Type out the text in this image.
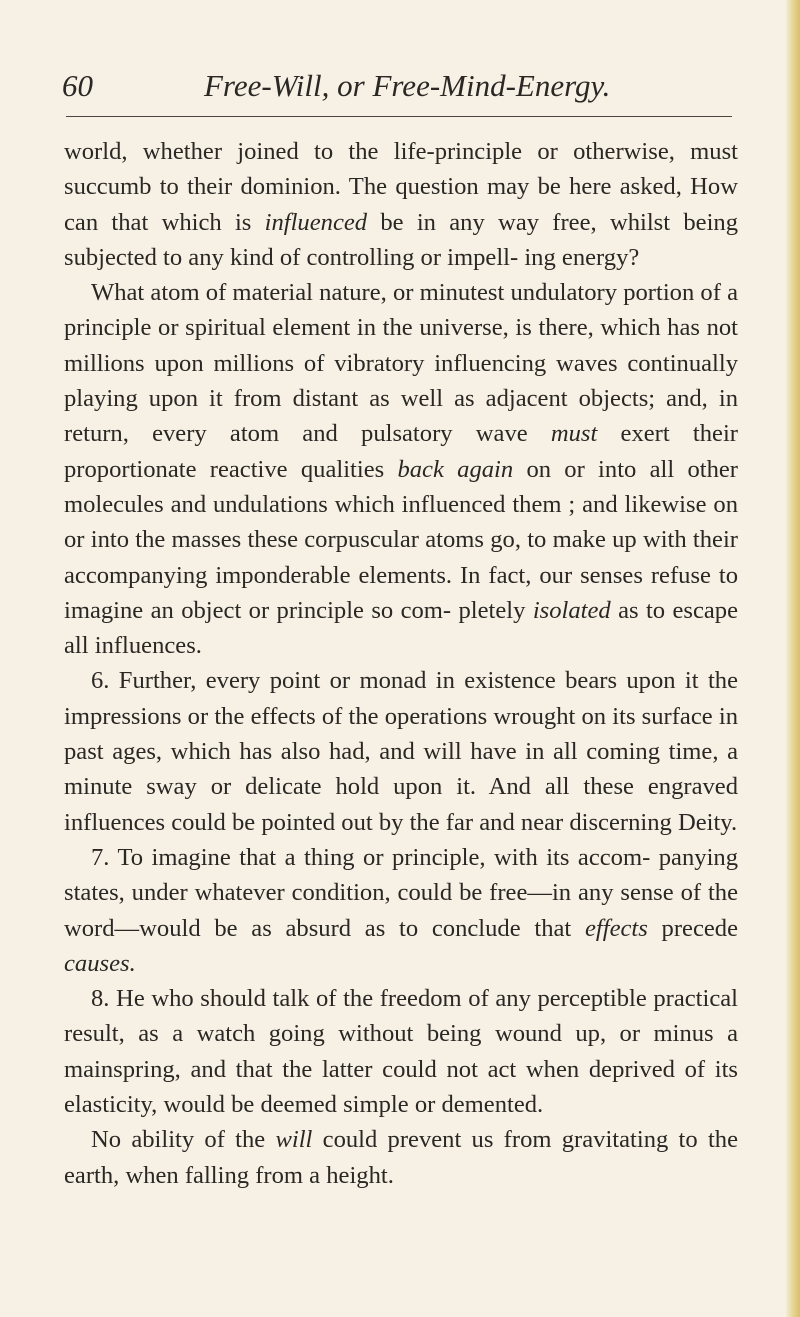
60	Free-Will, or Free-Mind-Energy.

world, whether joined to the life-principle or otherwise, must succumb to their dominion. The question may be here asked, How can that which is influenced be in any way free, whilst being subjected to any kind of controlling or impell- ing energy?

What atom of material nature, or minutest undulatory portion of a principle or spiritual element in the universe, is there, which has not millions upon millions of vibratory influencing waves continually playing upon it from distant as well as adjacent objects; and, in return, every atom and pulsatory wave must exert their proportionate reactive qualities back again on or into all other molecules and undulations which influenced them ; and likewise on or into the masses these corpuscular atoms go, to make up with their accompanying imponderable elements. In fact, our senses refuse to imagine an object or principle so com- pletely isolated as to escape all influences.

6. Further, every point or monad in existence bears upon it the impressions or the effects of the operations wrought on its surface in past ages, which has also had, and will have in all coming time, a minute sway or delicate hold upon it. And all these engraved influences could be pointed out by the far and near discerning Deity.

7. To imagine that a thing or principle, with its accom- panying states, under whatever condition, could be free—in any sense of the word—would be as absurd as to conclude that effects precede causes.

8. He who should talk of the freedom of any perceptible practical result, as a watch going without being wound up, or minus a mainspring, and that the latter could not act when deprived of its elasticity, would be deemed simple or demented.

No ability of the will could prevent us from gravitating to the earth, when falling from a height.
